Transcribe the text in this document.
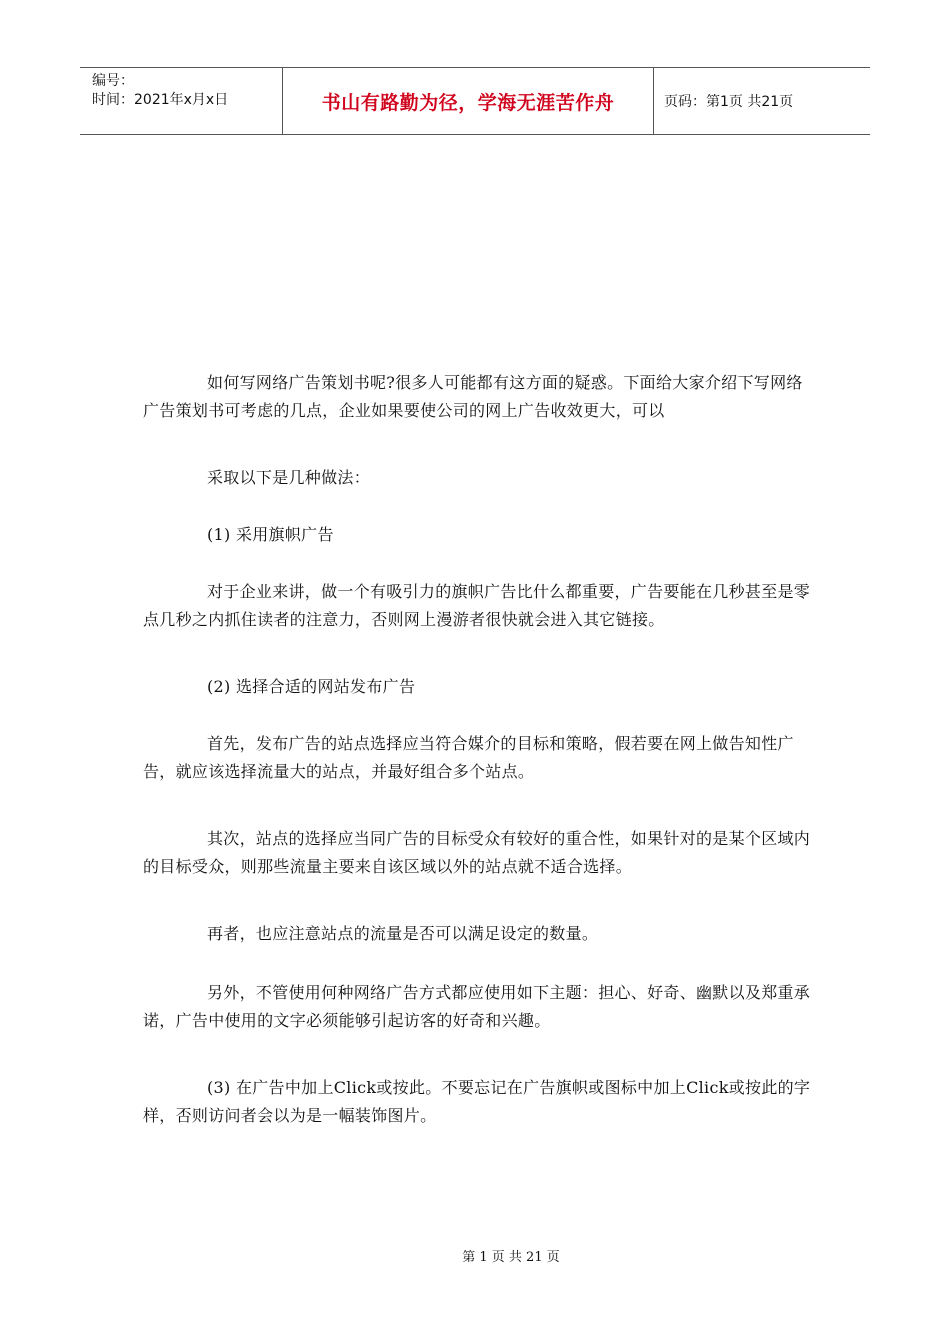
编号：
时间：2021年x月x日	书山有路勤为径，学海无涯苦作舟	页码：第1页 共21页

如何写网络广告策划书呢?很多人可能都有这方面的疑惑。下面给大家介绍下写网络广告策划书可考虑的几点，企业如果要使公司的网上广告收效更大，可以

采取以下是几种做法：

(1) 采用旗帜广告

对于企业来讲，做一个有吸引力的旗帜广告比什么都重要，广告要能在几秒甚至是零点几秒之内抓住读者的注意力，否则网上漫游者很快就会进入其它链接。

(2) 选择合适的网站发布广告

首先，发布广告的站点选择应当符合媒介的目标和策略，假若要在网上做告知性广告，就应该选择流量大的站点，并最好组合多个站点。

其次，站点的选择应当同广告的目标受众有较好的重合性，如果针对的是某个区域内的目标受众，则那些流量主要来自该区域以外的站点就不适合选择。

再者，也应注意站点的流量是否可以满足设定的数量。

另外，不管使用何种网络广告方式都应使用如下主题：担心、好奇、幽默以及郑重承诺，广告中使用的文字必须能够引起访客的好奇和兴趣。

(3) 在广告中加上Click或按此。不要忘记在广告旗帜或图标中加上Click或按此的字样，否则访问者会以为是一幅装饰图片。

第 1 页 共 21 页
